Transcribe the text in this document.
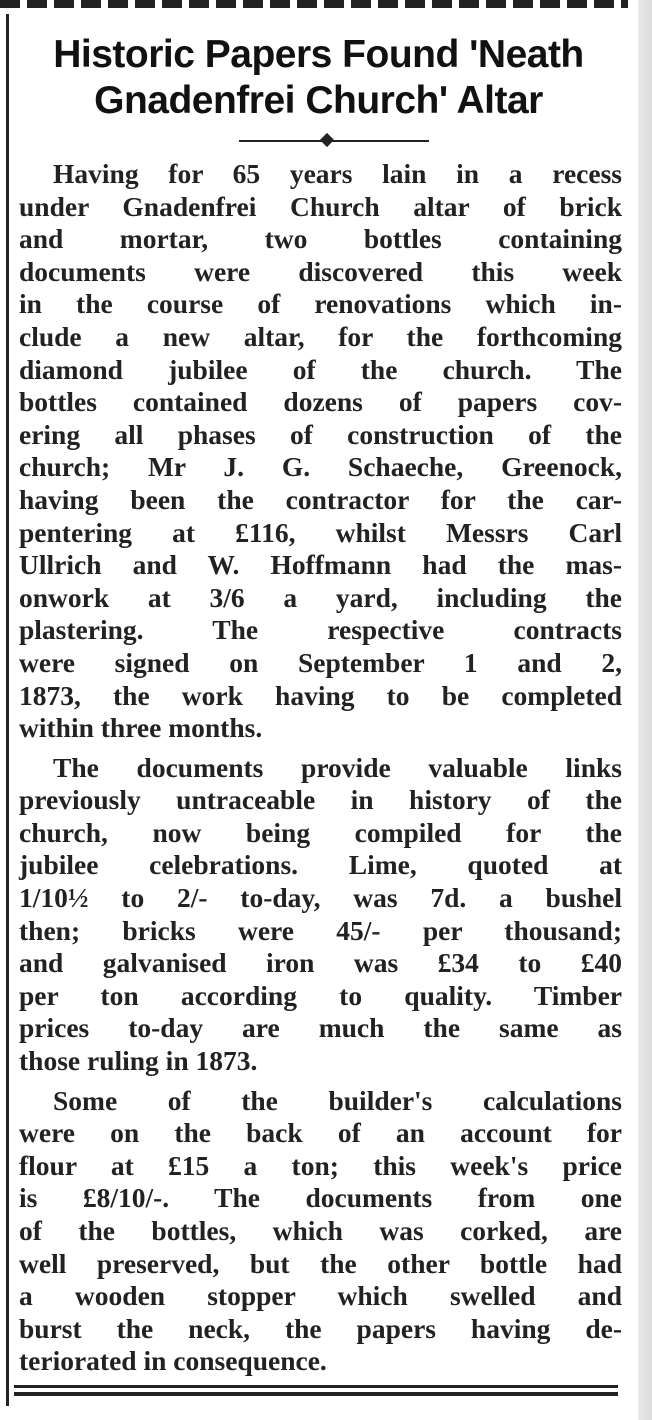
Historic Papers Found 'Neath
Gnadenfrei Church' Altar

Having for 65 years lain in a recess
under Gnadenfrei Church altar of brick
and mortar, two bottles containing
documents were discovered this week
in the course of renovations which in-
clude a new altar, for the forthcoming
diamond jubilee of the church. The
bottles contained dozens of papers cov-
ering all phases of construction of the
church; Mr J. G. Schaeche, Greenock,
having been the contractor for the car-
pentering at £116, whilst Messrs Carl
Ullrich and W. Hoffmann had the mas-
onwork at 3/6 a yard, including the
plastering. The respective contracts
were signed on September 1 and 2,
1873, the work having to be completed
within three months.

The documents provide valuable links
previously untraceable in history of the
church, now being compiled for the
jubilee celebrations. Lime, quoted at
1/10½ to 2/- to-day, was 7d. a bushel
then; bricks were 45/- per thousand;
and galvanised iron was £34 to £40
per ton according to quality. Timber
prices to-day are much the same as
those ruling in 1873.

Some of the builder's calculations
were on the back of an account for
flour at £15 a ton; this week's price
is £8/10/-. The documents from one
of the bottles, which was corked, are
well preserved, but the other bottle had
a wooden stopper which swelled and
burst the neck, the papers having de-
teriorated in consequence.
